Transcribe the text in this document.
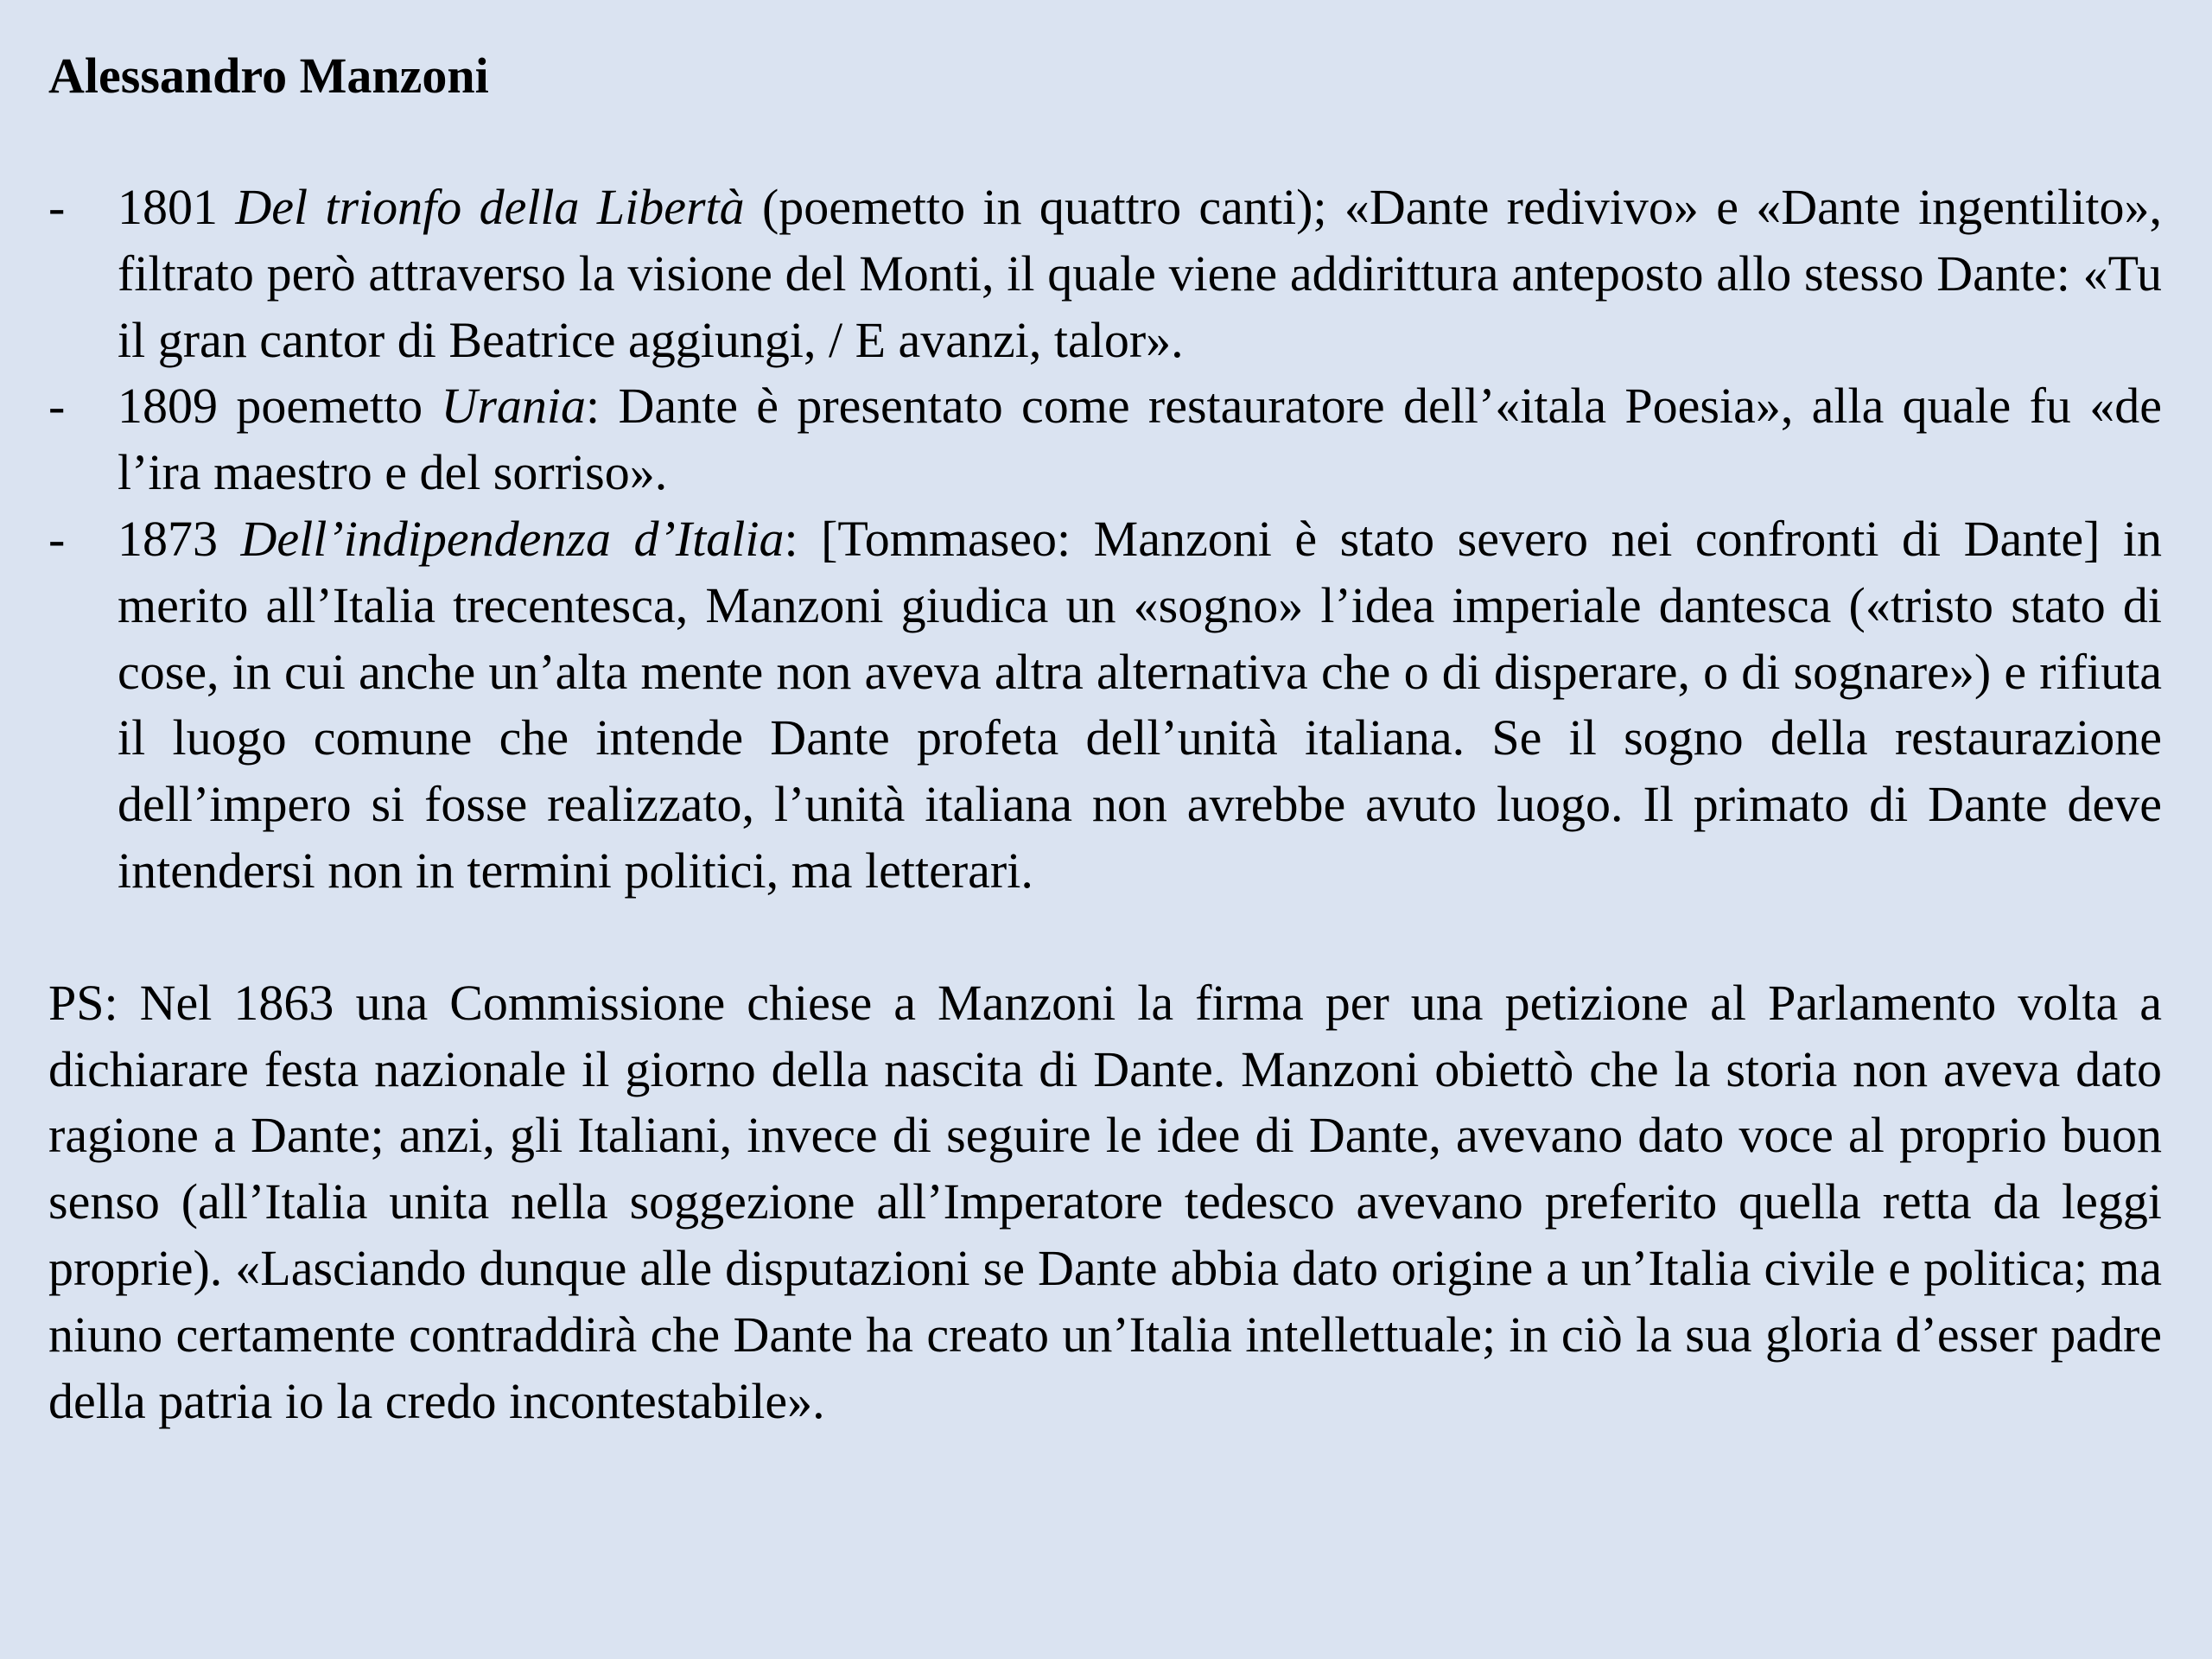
Alessandro Manzoni
-	1801 Del trionfo della Libertà (poemetto in quattro canti); «Dante redivivo» e «Dante ingentilito», filtrato però attraverso la visione del Monti, il quale viene addirittura anteposto allo stesso Dante: «Tu il gran cantor di Beatrice aggiungi, / E avanzi, talor».
-	1809 poemetto Urania: Dante è presentato come restauratore dell’«itala Poesia», alla quale fu «de l’ira maestro e del sorriso».
-	1873 Dell’indipendenza d’Italia: [Tommaseo: Manzoni è stato severo nei confronti di Dante] in merito all’Italia trecentesca, Manzoni giudica un «sogno» l’idea imperiale dantesca («tristo stato di cose, in cui anche un’alta mente non aveva altra alternativa che o di disperare, o di sognare») e rifiuta il luogo comune che intende Dante profeta dell’unità italiana. Se il sogno della restaurazione dell’impero si fosse realizzato, l’unità italiana non avrebbe avuto luogo. Il primato di Dante deve intendersi non in termini politici, ma letterari.

PS: Nel 1863 una Commissione chiese a Manzoni la firma per una petizione al Parlamento volta a dichiarare festa nazionale il giorno della nascita di Dante. Manzoni obiettò che la storia non aveva dato ragione a Dante; anzi, gli Italiani, invece di seguire le idee di Dante, avevano dato voce al proprio buon senso (all’Italia unita nella soggezione all’Imperatore tedesco avevano preferito quella retta da leggi proprie). «Lasciando dunque alle disputazioni se Dante abbia dato origine a un’Italia civile e politica; ma niuno certamente contraddirà che Dante ha creato un’Italia intellettuale; in ciò la sua gloria d’esser padre della patria io la credo incontestabile».
